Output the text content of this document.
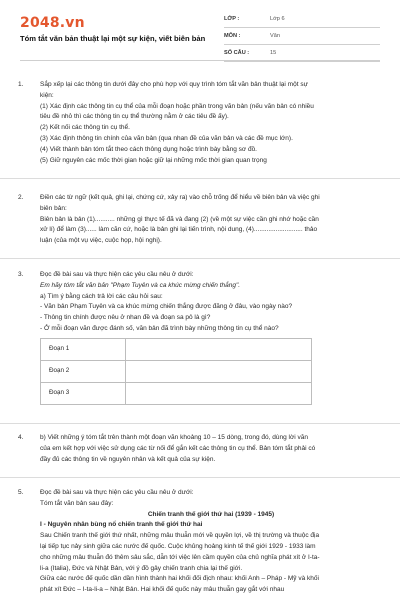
2048.vn
Tóm tắt văn bản thuật lại một sự kiện, viết biên bản
LỚP :	Lớp 6
MÔN :	Văn
SỐ CÂU :	15
1.	Sắp xếp lại các thông tin dưới đây cho phù hợp với quy trình tóm tắt văn bản thuật lại một sự
kiện:
(1) Xác định các thông tin cụ thể của mỗi đoạn hoặc phần trong văn bản (nếu văn bản có nhiều
tiêu đề nhỏ thì các thông tin cụ thể thường nằm ở các tiêu đề ấy).
(2) Kết nối các thông tin cụ thể.
(3) Xác định thông tin chính của văn bản (qua nhan đề của văn bản và các đề mục lớn).
(4) Viết thành bản tóm tắt theo cách thông dụng hoặc trình bày bằng sơ đồ.
(5) Giữ nguyên các mốc thời gian hoặc giữ lại những mốc thời gian quan trọng
2.	Điền các từ ngữ (kết quả, ghi lại, chứng cứ, xảy ra) vào chỗ trống để hiểu về biên bản và việc ghi
biên bản:
Biên bản là bản (1)........... những gì thực tế đã và đang (2) (về một sự việc cần ghi nhớ hoặc cần
xử lí) để làm (3)...... làm căn cứ, hoặc là bản ghi lại tiến trình, nội dung, (4)........................... thảo
luận (của một vụ việc, cuộc họp, hội nghị).
3.	Đọc đề bài sau và thực hiện các yêu cầu nêu ở dưới:
Em hãy tóm tắt văn bản "Phạm Tuyên và ca khúc mừng chiến thắng".
a) Tìm ý bằng cách trả lời các câu hỏi sau:
- Văn bản Phạm Tuyên và ca khúc mừng chiến thắng được đăng ở đâu, vào ngày nào?
- Thông tin chính được nêu ở nhan đề và đoạn sa pô là gì?
- Ở mỗi đoạn văn được đánh số, văn bản đã trình bày những thông tin cụ thể nào?
Đoạn 1	
Đoạn 2	
Đoạn 3	
4.	b) Viết những ý tóm tắt trên thành một đoạn văn khoảng 10 – 15 dòng, trong đó, dùng lời văn
của em kết hợp với việc sử dụng các từ nối để gắn kết các thông tin cụ thể. Bản tóm tắt phải có
đầy đủ các thông tin về nguyên nhân và kết quả của sự kiện.
5.	Đọc đề bài sau và thực hiện các yêu cầu nêu ở dưới:
Tóm tắt văn bản sau đây:
Chiến tranh thế giới thứ hai (1939 - 1945)
I - Nguyên nhân bùng nổ chiến tranh thế giới thứ hai
Sau Chiến tranh thế giới thứ nhất, những mâu thuẫn mới về quyền lợi, về thị trường và thuộc địa
lại tiếp tục nảy sinh giữa các nước đế quốc. Cuộc khủng hoảng kinh tế thế giới 1929 - 1933 làm
cho những mâu thuẫn đó thêm sâu sắc, dẫn tới việc lên cầm quyền của chủ nghĩa phát xít ở I-ta-
li-a (Italia), Đức và Nhật Bản, với ý đồ gây chiến tranh chia lại thế giới.
Giữa các nước đế quốc dần dần hình thành hai khối đối địch nhau: khối Anh – Pháp - Mỹ và khối
phát xít Đức – I-ta-li-a – Nhật Bản. Hai khối đế quốc này mâu thuẫn gay gắt với nhau
